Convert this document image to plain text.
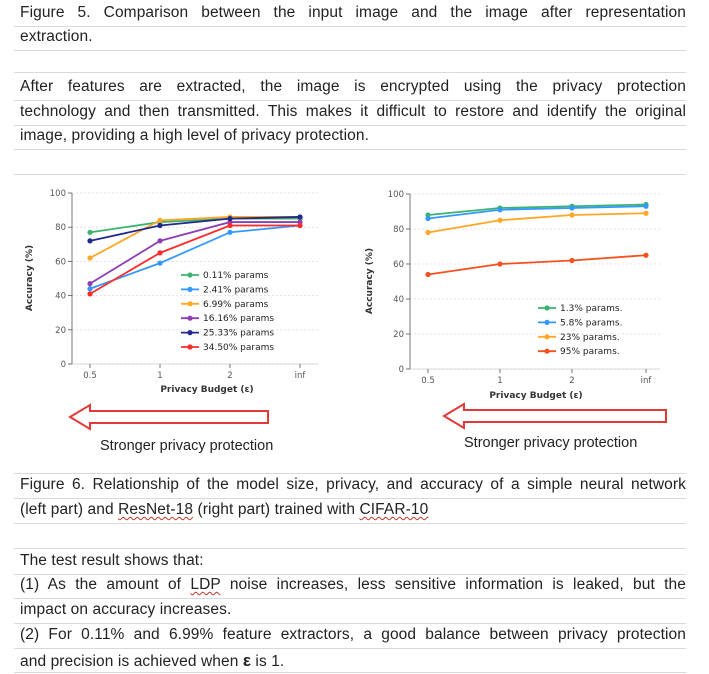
Figure 5. Comparison between the input image and the image after representation
extraction.
After features are extracted, the image is encrypted using the privacy protection
technology and then transmitted. This makes it difficult to restore and identify the original
image, providing a high level of privacy protection.
0
20
40
60
80
100
0.5	1	2	inf
Accuracy (%)
Privacy Budget (ε)
0.11% params
2.41% params
6.99% params
16.16% params
25.33% params
34.50% params
0
20
40
60
80
100
0.5	1	2	inf
Accuracy (%)
Privacy Budget (ε)
1.3% params.
5.8% params.
23% params.
95% params.
Stronger privacy protection	Stronger privacy protection
Figure 6. Relationship of the model size, privacy, and accuracy of a simple neural network
(left part) and ResNet-18 (right part) trained with CIFAR-10
The test result shows that:
(1) As the amount of LDP noise increases, less sensitive information is leaked, but the
impact on accuracy increases.
(2) For 0.11% and 6.99% feature extractors, a good balance between privacy protection
and precision is achieved when ε is 1.
